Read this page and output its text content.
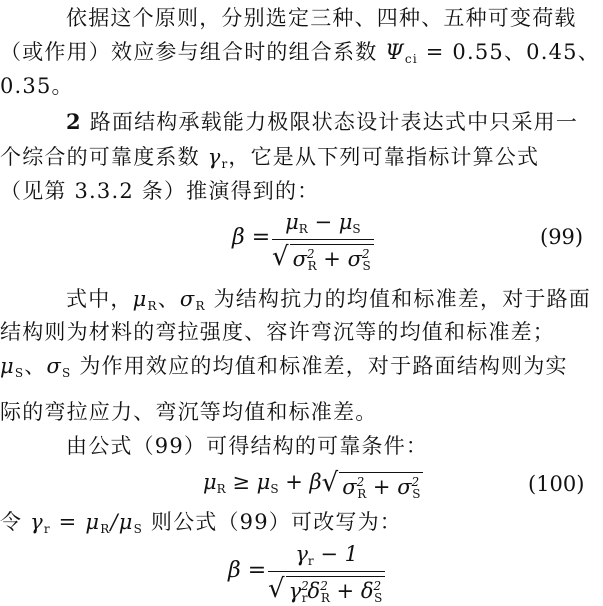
依据这个原则，分别选定三种、四种、五种可变荷载
（或作用）效应参与组合时的组合系数 $\Psi_{ci} = 0.55$、0.45、
0.35。
2 路面结构承载能力极限状态设计表达式中只采用一
个综合的可靠度系数 $\gamma_r$，它是从下列可靠指标计算公式
（见第 3.3.2 条）推演得到的：
β =
$\mu_R - \mu_S$
√ $\sigma^2_R + \sigma^2_S$
(99)
式中，$\mu_R$、$\sigma_R$ 为结构抗力的均值和标准差，对于路面
结构则为材料的弯拉强度、容许弯沉等的均值和标准差；
$\mu_S$、$\sigma_S$ 为作用效应的均值和标准差，对于路面结构则为实
际的弯拉应力、弯沉等均值和标准差。
由公式（99）可得结构的可靠条件：
$\mu_R \ge \mu_S + \beta$ √ $\sigma^2_R + \sigma^2_S$	(100)
令 $\gamma_r = \mu_R/\mu_S$ 则公式（99）可改写为：
β =
$\gamma_r - 1$
√ $\gamma^2_r\delta^2_R + \delta^2_S$
